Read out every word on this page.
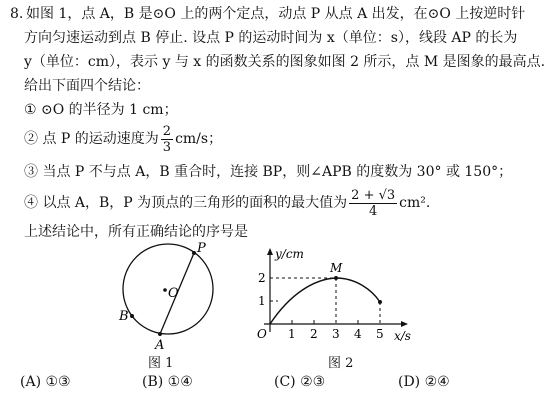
8. 如图 1，点 A，B 是⊙O 上的两个定点，动点 P 从点 A 出发，在⊙O 上按逆时针
方向匀速运动到点 B 停止. 设点 P 的运动时间为 x（单位：s），线段 AP 的长为
y（单位：cm），表示 y 与 x 的函数关系的图象如图 2 所示，点 M 是图象的最高点.
给出下面四个结论：
① ⊙O 的半径为 1 cm；
② 点 P 的运动速度为 $\frac{2}{3} cm/s$；
③ 当点 P 不与点 A，B 重合时，连接 BP，则∠APB 的度数为 30° 或 150°；
④ 以点 A，B，P 为顶点的三角形的面积的最大值为 $\frac{2 + √3}{4} cm^2$.
上述结论中，所有正确结论的序号是
P
O
B
A
图 1
y/cm
x/s
O
M
2
1
1 2 3 4 5
图 2
(A) ①③	(B) ①④	(C) ②③	(D) ②④
